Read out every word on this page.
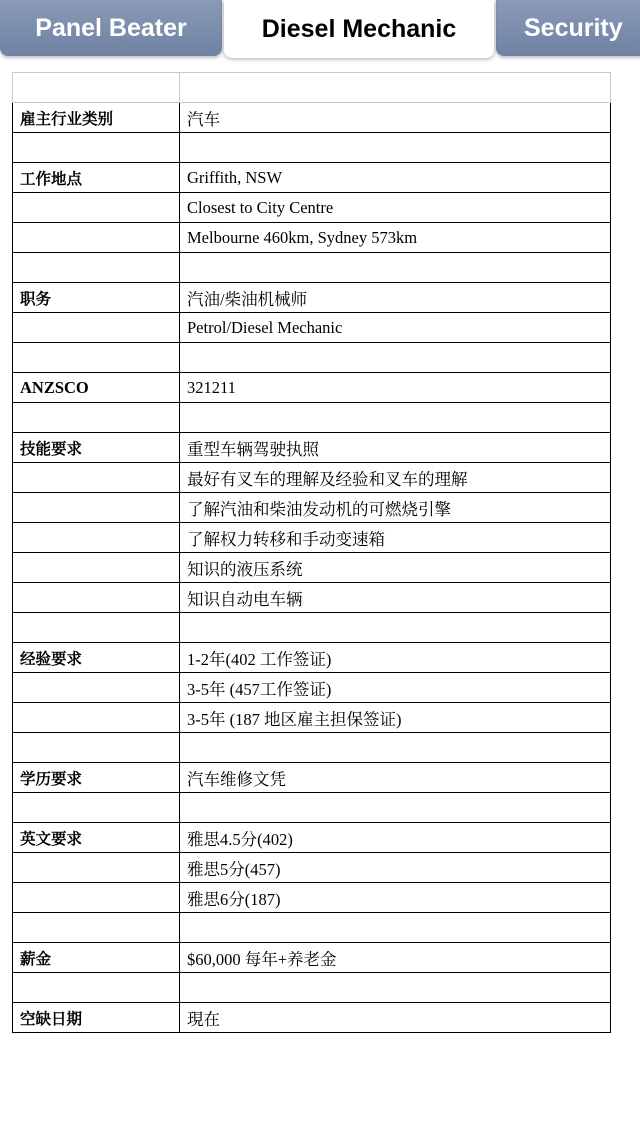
Panel Beater	Diesel Mechanic	Security

雇主行业类别	汽车

工作地点	Griffith, NSW
	Closest to City Centre
	Melbourne 460km, Sydney 573km

职务	汽油/柴油机械师
	Petrol/Diesel Mechanic

ANZSCO	321211

技能要求	重型车辆驾驶执照
	最好有叉车的理解及经验和叉车的理解
	了解汽油和柴油发动机的可燃烧引擎
	了解权力转移和手动变速箱
	知识的液压系统
	知识自动电车辆

经验要求	1-2年(402 工作签证)
	3-5年 (457工作签证)
	3-5年 (187 地区雇主担保签证)

学历要求	汽车维修文凭

英文要求	雅思4.5分(402)
	雅思5分(457)
	雅思6分(187)

薪金	$60,000 每年+养老金

空缺日期	現在
